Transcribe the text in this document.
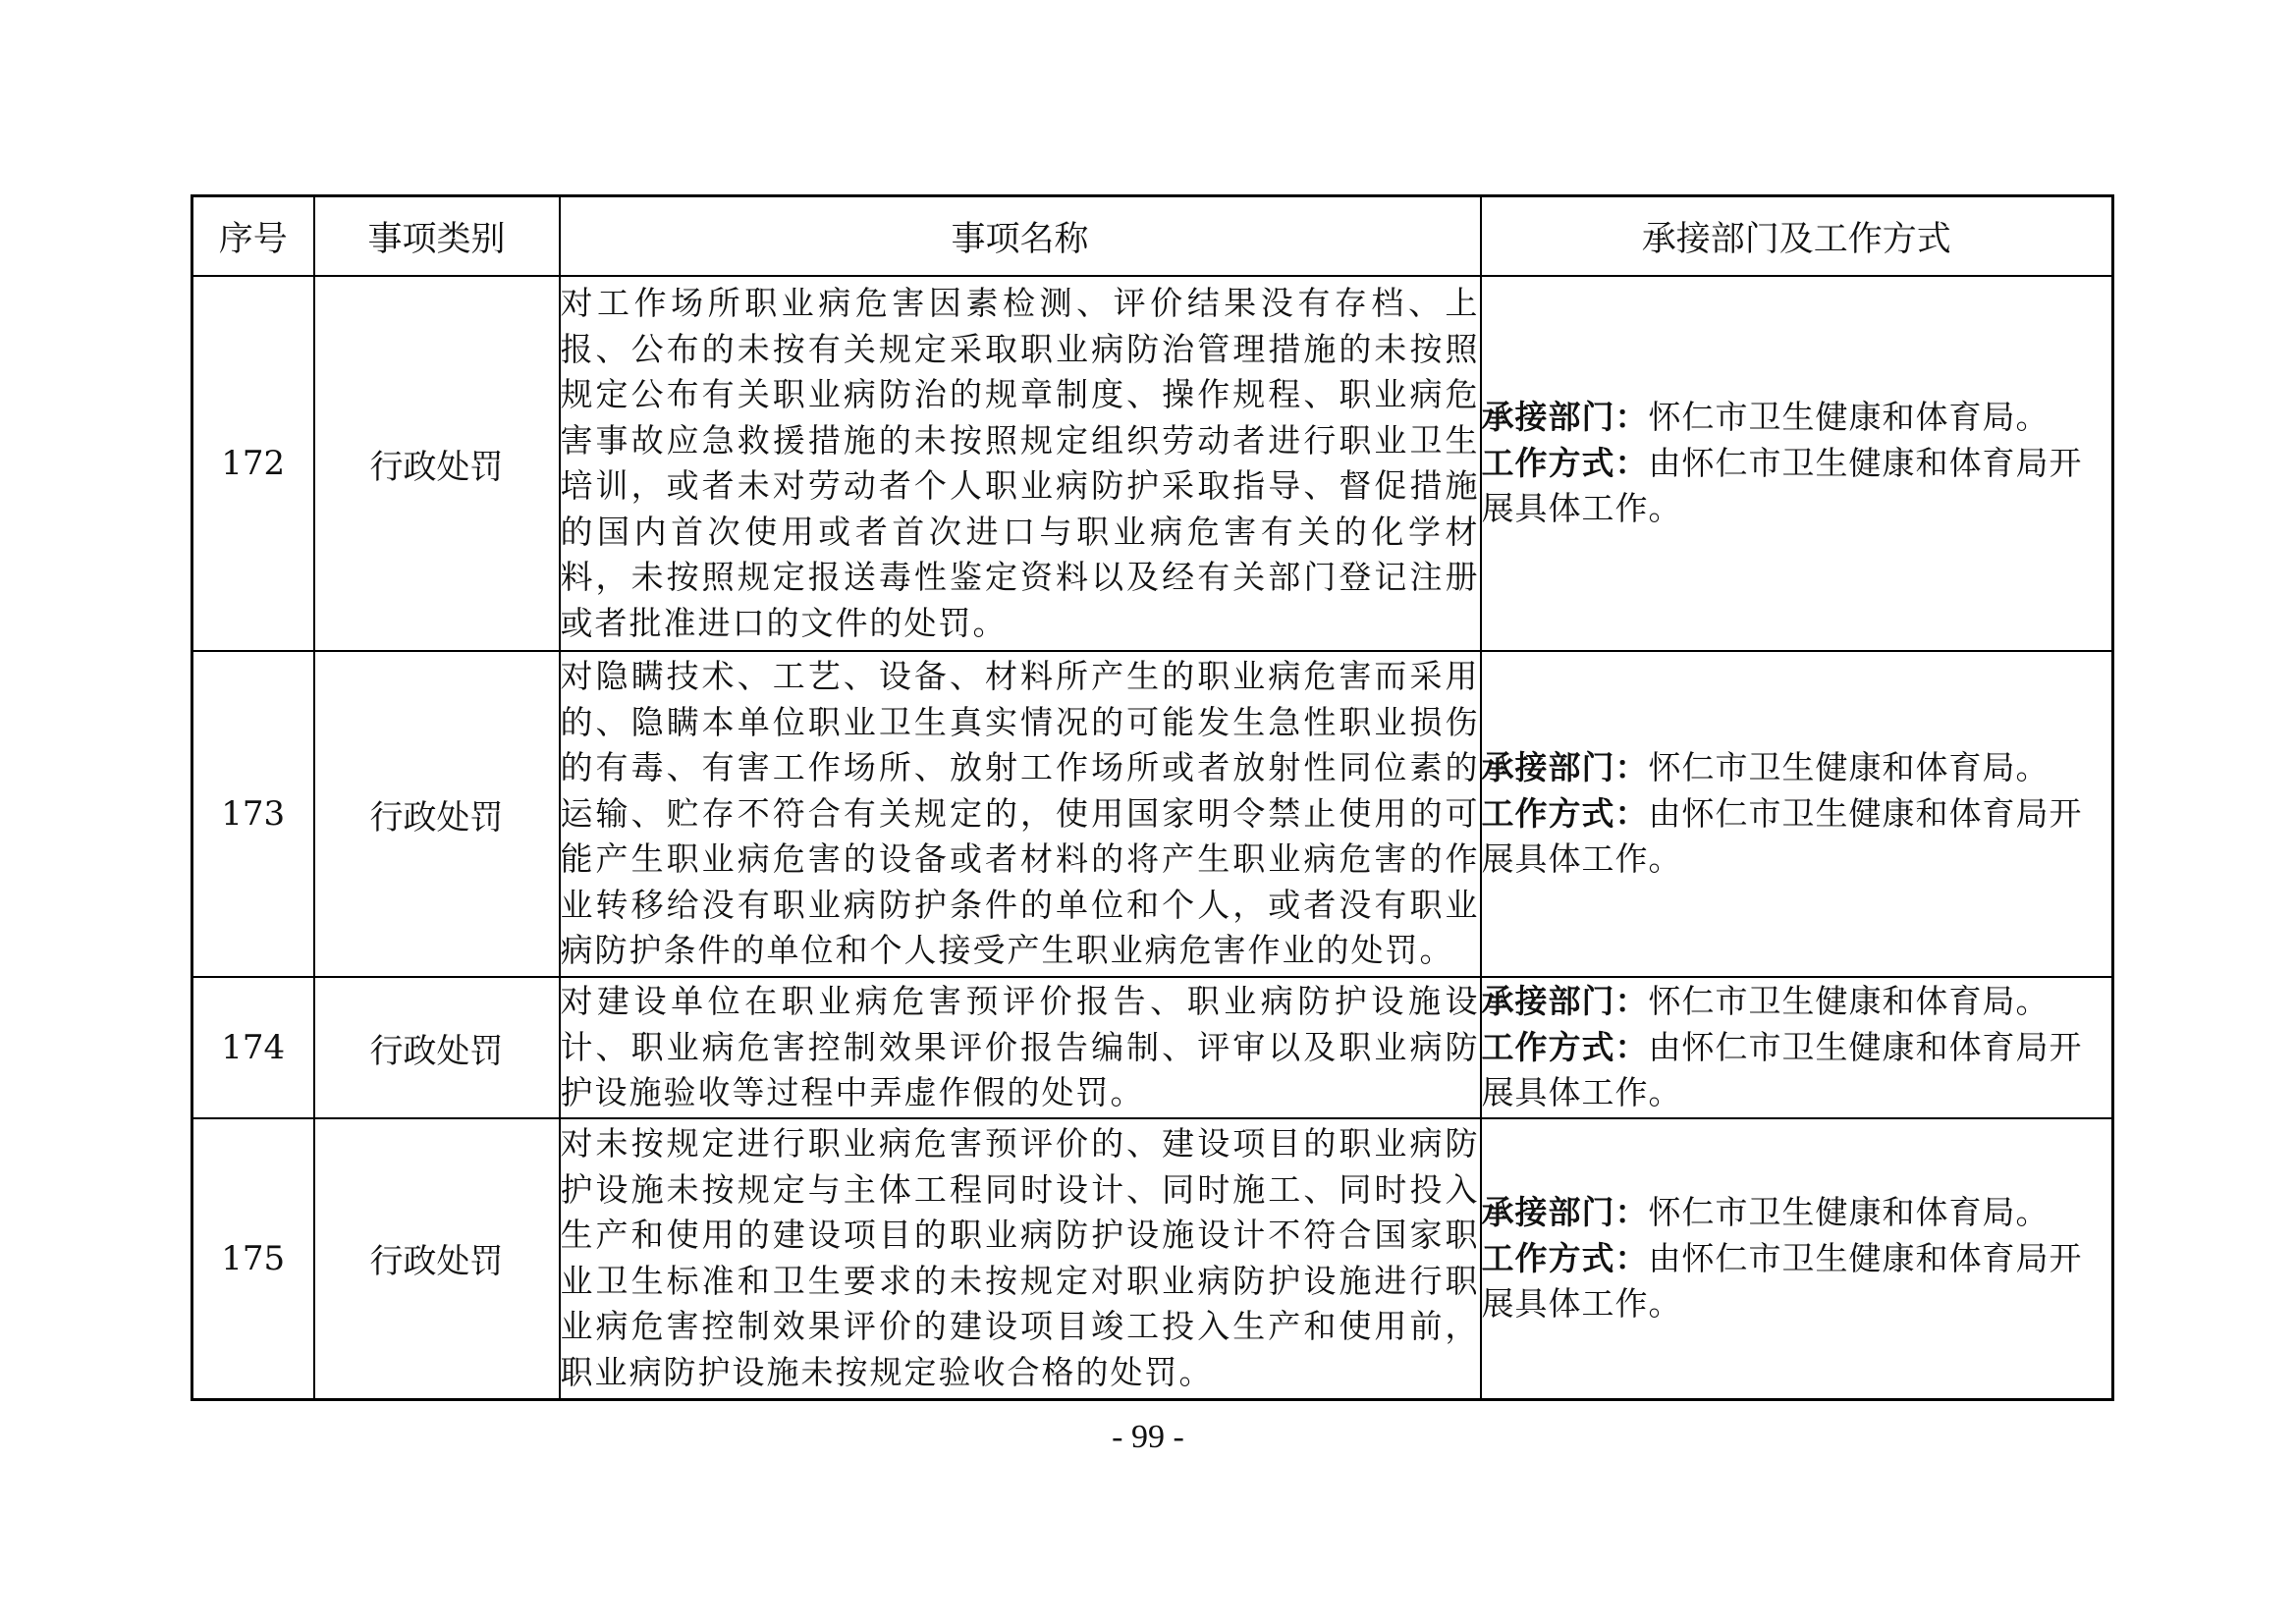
序号	事项类别	事项名称	承接部门及工作方式
172	行政处罚	对工作场所职业病危害因素检测、评价结果没有存档、上报、公布的未按有关规定采取职业病防治管理措施的未按照规定公布有关职业病防治的规章制度、操作规程、职业病危害事故应急救援措施的未按照规定组织劳动者进行职业卫生培训，或者未对劳动者个人职业病防护采取指导、督促措施的国内首次使用或者首次进口与职业病危害有关的化学材料，未按照规定报送毒性鉴定资料以及经有关部门登记注册或者批准进口的文件的处罚。	承接部门：怀仁市卫生健康和体育局。
工作方式：由怀仁市卫生健康和体育局开展具体工作。

173	行政处罚	对隐瞒技术、工艺、设备、材料所产生的职业病危害而采用的、隐瞒本单位职业卫生真实情况的可能发生急性职业损伤的有毒、有害工作场所、放射工作场所或者放射性同位素的运输、贮存不符合有关规定的，使用国家明令禁止使用的可能产生职业病危害的设备或者材料的将产生职业病危害的作业转移给没有职业病防护条件的单位和个人，或者没有职业病防护条件的单位和个人接受产生职业病危害作业的处罚。	承接部门：怀仁市卫生健康和体育局。
工作方式：由怀仁市卫生健康和体育局开展具体工作。

174	行政处罚	对建设单位在职业病危害预评价报告、职业病防护设施设计、职业病危害控制效果评价报告编制、评审以及职业病防护设施验收等过程中弄虚作假的处罚。	承接部门：怀仁市卫生健康和体育局。
工作方式：由怀仁市卫生健康和体育局开展具体工作。

175	行政处罚	对未按规定进行职业病危害预评价的、建设项目的职业病防护设施未按规定与主体工程同时设计、同时施工、同时投入生产和使用的建设项目的职业病防护设施设计不符合国家职业卫生标准和卫生要求的未按规定对职业病防护设施进行职业病危害控制效果评价的建设项目竣工投入生产和使用前，职业病防护设施未按规定验收合格的处罚。	承接部门：怀仁市卫生健康和体育局。
工作方式：由怀仁市卫生健康和体育局开展具体工作。
- 99 -
